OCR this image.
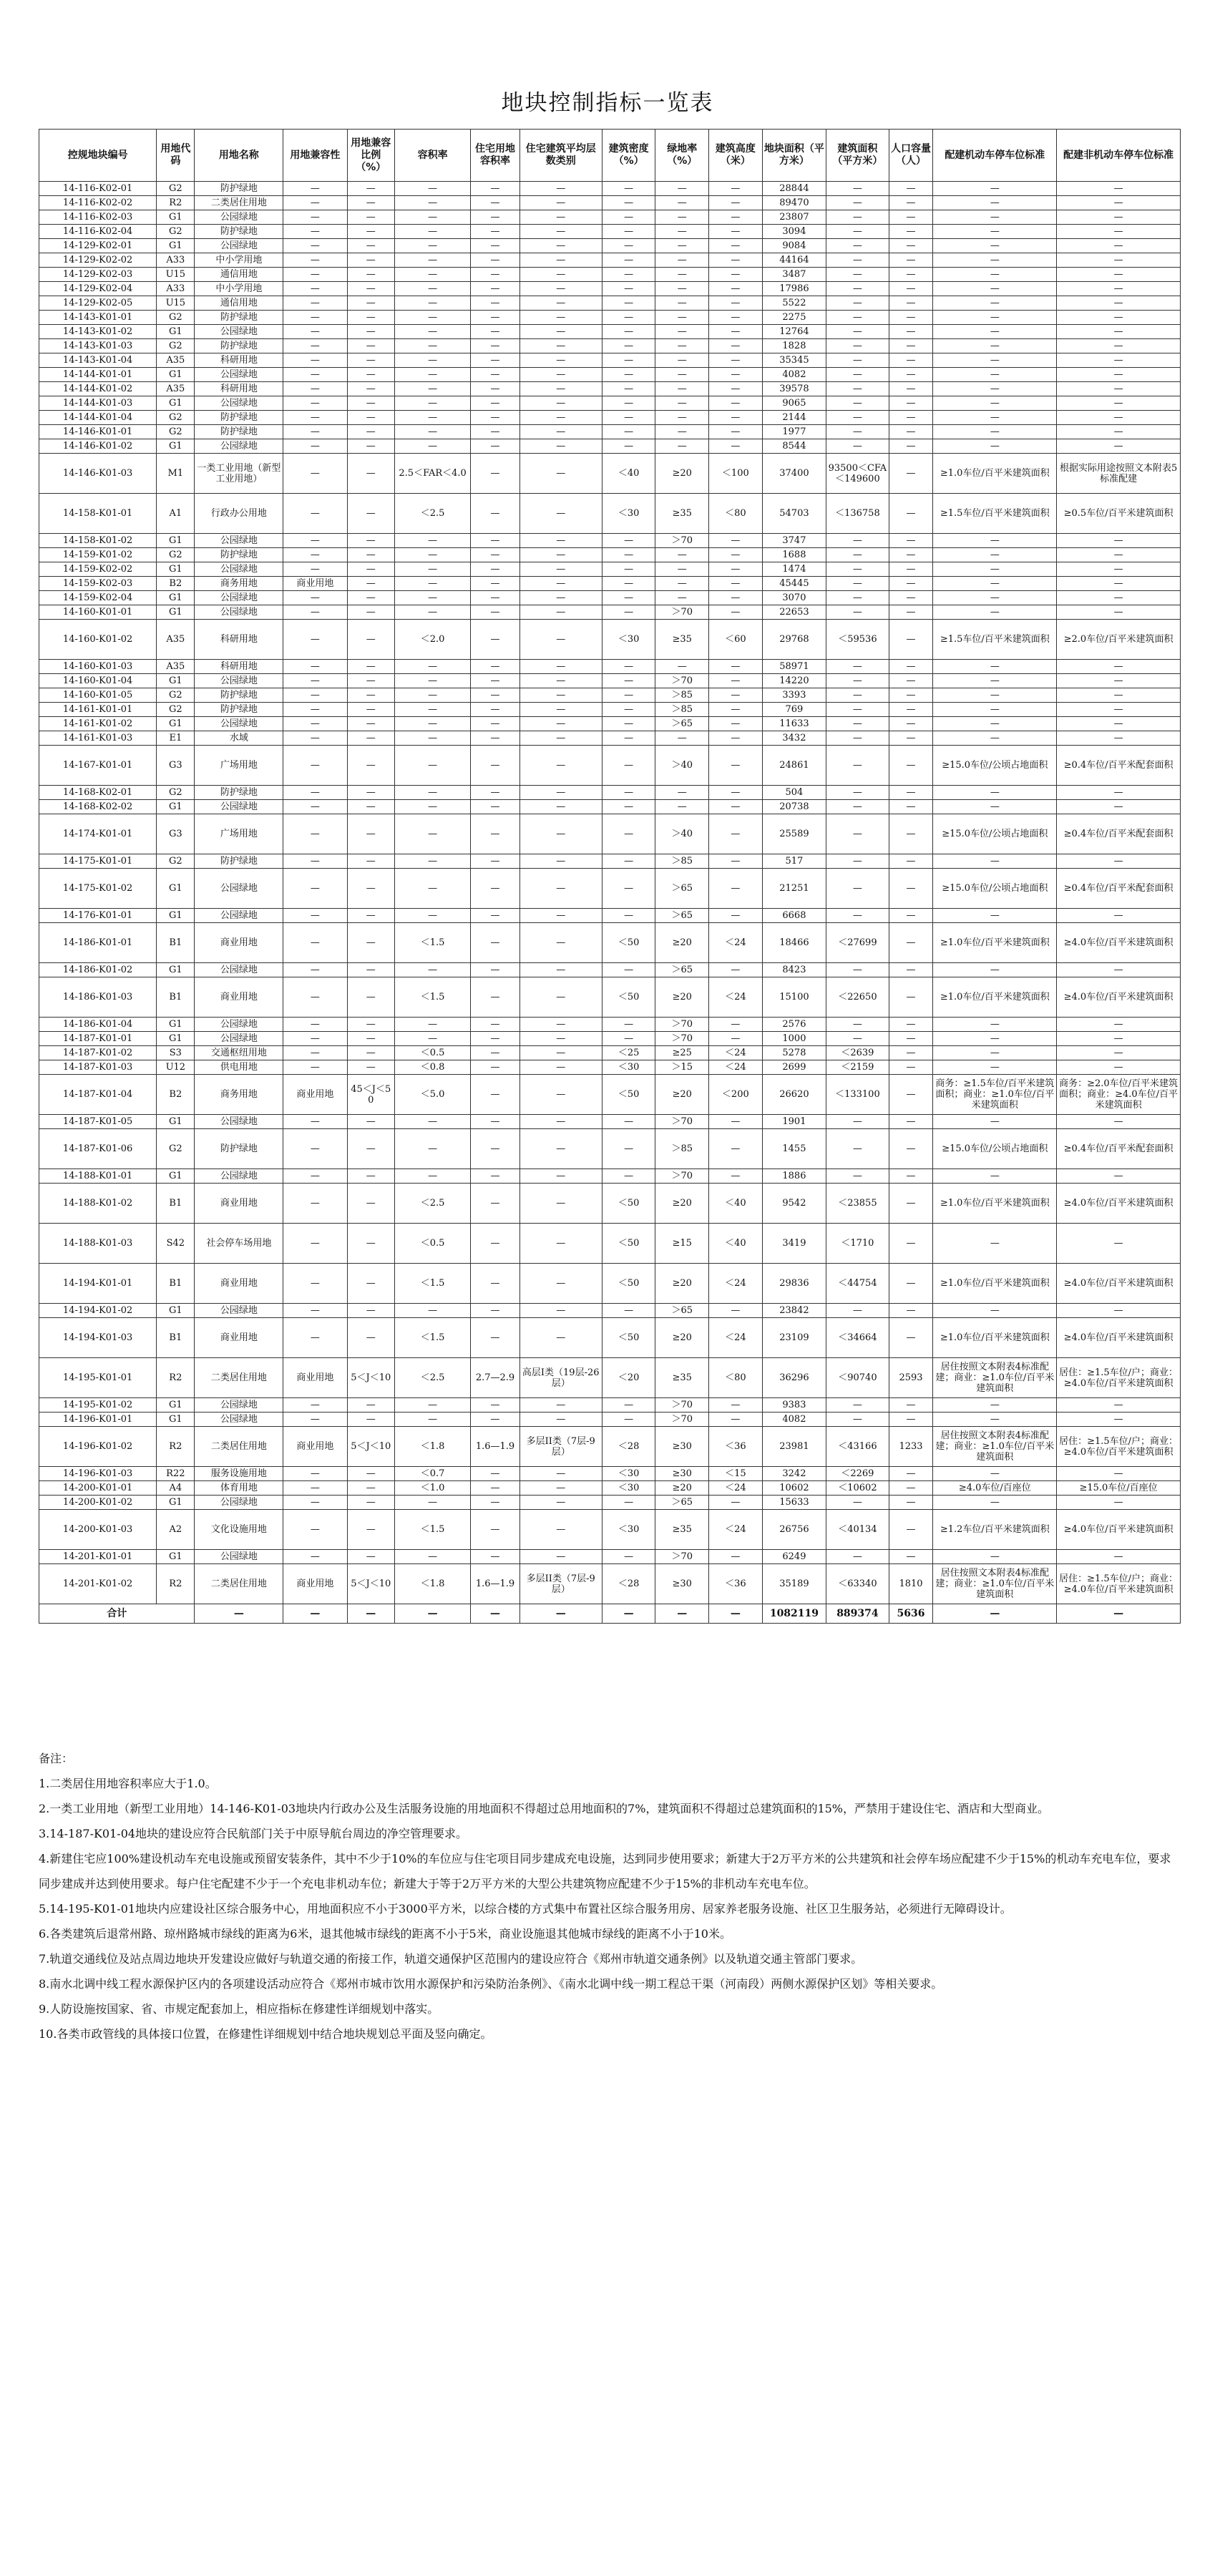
地块控制指标一览表
控规地块编号	用地代码	用地名称	用地兼容性	用地兼容比例（%）	容积率	住宅用地容积率	住宅建筑平均层数类别	建筑密度（%）	绿地率（%）	建筑高度（米）	地块面积（平方米）	建筑面积（平方米）	人口容量（人）	配建机动车停车位标准	配建非机动车停车位标准
14-116-K02-01	G2	防护绿地	—	—	—	—	—	—	—	—	28844	—	—	—	—
14-116-K02-02	R2	二类居住用地	—	—	—	—	—	—	—	—	89470	—	—	—	—
14-116-K02-03	G1	公园绿地	—	—	—	—	—	—	—	—	23807	—	—	—	—
14-116-K02-04	G2	防护绿地	—	—	—	—	—	—	—	—	3094	—	—	—	—
14-129-K02-01	G1	公园绿地	—	—	—	—	—	—	—	—	9084	—	—	—	—
14-129-K02-02	A33	中小学用地	—	—	—	—	—	—	—	—	44164	—	—	—	—
14-129-K02-03	U15	通信用地	—	—	—	—	—	—	—	—	3487	—	—	—	—
14-129-K02-04	A33	中小学用地	—	—	—	—	—	—	—	—	17986	—	—	—	—
14-129-K02-05	U15	通信用地	—	—	—	—	—	—	—	—	5522	—	—	—	—
14-143-K01-01	G2	防护绿地	—	—	—	—	—	—	—	—	2275	—	—	—	—
14-143-K01-02	G1	公园绿地	—	—	—	—	—	—	—	—	12764	—	—	—	—
14-143-K01-03	G2	防护绿地	—	—	—	—	—	—	—	—	1828	—	—	—	—
14-143-K01-04	A35	科研用地	—	—	—	—	—	—	—	—	35345	—	—	—	—
14-144-K01-01	G1	公园绿地	—	—	—	—	—	—	—	—	4082	—	—	—	—
14-144-K01-02	A35	科研用地	—	—	—	—	—	—	—	—	39578	—	—	—	—
14-144-K01-03	G1	公园绿地	—	—	—	—	—	—	—	—	9065	—	—	—	—
14-144-K01-04	G2	防护绿地	—	—	—	—	—	—	—	—	2144	—	—	—	—
14-146-K01-01	G2	防护绿地	—	—	—	—	—	—	—	—	1977	—	—	—	—
14-146-K01-02	G1	公园绿地	—	—	—	—	—	—	—	—	8544	—	—	—	—
14-146-K01-03	M1	一类工业用地（新型工业用地）	—	—	2.5＜FAR＜4.0	—	—	＜40	≥20	＜100	37400	93500＜CFA＜149600	—	≥1.0车位/百平米建筑面积	根据实际用途按照文本附表5标准配建
14-158-K01-01	A1	行政办公用地	—	—	＜2.5	—	—	＜30	≥35	＜80	54703	＜136758	—	≥1.5车位/百平米建筑面积	≥0.5车位/百平米建筑面积
14-158-K01-02	G1	公园绿地	—	—	—	—	—	—	＞70	—	3747	—	—	—	—
14-159-K01-02	G2	防护绿地	—	—	—	—	—	—	—	—	1688	—	—	—	—
14-159-K02-02	G1	公园绿地	—	—	—	—	—	—	—	—	1474	—	—	—	—
14-159-K02-03	B2	商务用地	商业用地	—	—	—	—	—	—	—	45445	—	—	—	—
14-159-K02-04	G1	公园绿地	—	—	—	—	—	—	—	—	3070	—	—	—	—
14-160-K01-01	G1	公园绿地	—	—	—	—	—	—	＞70	—	22653	—	—	—	—
14-160-K01-02	A35	科研用地	—	—	＜2.0	—	—	＜30	≥35	＜60	29768	＜59536	—	≥1.5车位/百平米建筑面积	≥2.0车位/百平米建筑面积
14-160-K01-03	A35	科研用地	—	—	—	—	—	—	—	—	58971	—	—	—	—
14-160-K01-04	G1	公园绿地	—	—	—	—	—	—	＞70	—	14220	—	—	—	—
14-160-K01-05	G2	防护绿地	—	—	—	—	—	—	＞85	—	3393	—	—	—	—
14-161-K01-01	G2	防护绿地	—	—	—	—	—	—	＞85	—	769	—	—	—	—
14-161-K01-02	G1	公园绿地	—	—	—	—	—	—	＞65	—	11633	—	—	—	—
14-161-K01-03	E1	水域	—	—	—	—	—	—	—	—	3432	—	—	—	—
14-167-K01-01	G3	广场用地	—	—	—	—	—	—	＞40	—	24861	—	—	≥15.0车位/公顷占地面积	≥0.4车位/百平米配套面积
14-168-K02-01	G2	防护绿地	—	—	—	—	—	—	—	—	504	—	—	—	—
14-168-K02-02	G1	公园绿地	—	—	—	—	—	—	—	—	20738	—	—	—	—
14-174-K01-01	G3	广场用地	—	—	—	—	—	—	＞40	—	25589	—	—	≥15.0车位/公顷占地面积	≥0.4车位/百平米配套面积
14-175-K01-01	G2	防护绿地	—	—	—	—	—	—	＞85	—	517	—	—	—	—
14-175-K01-02	G1	公园绿地	—	—	—	—	—	—	＞65	—	21251	—	—	≥15.0车位/公顷占地面积	≥0.4车位/百平米配套面积
14-176-K01-01	G1	公园绿地	—	—	—	—	—	—	＞65	—	6668	—	—	—	—
14-186-K01-01	B1	商业用地	—	—	＜1.5	—	—	＜50	≥20	＜24	18466	＜27699	—	≥1.0车位/百平米建筑面积	≥4.0车位/百平米建筑面积
14-186-K01-02	G1	公园绿地	—	—	—	—	—	—	＞65	—	8423	—	—	—	—
14-186-K01-03	B1	商业用地	—	—	＜1.5	—	—	＜50	≥20	＜24	15100	＜22650	—	≥1.0车位/百平米建筑面积	≥4.0车位/百平米建筑面积
14-186-K01-04	G1	公园绿地	—	—	—	—	—	—	＞70	—	2576	—	—	—	—
14-187-K01-01	G1	公园绿地	—	—	—	—	—	—	＞70	—	1000	—	—	—	—
14-187-K01-02	S3	交通枢纽用地	—	—	＜0.5	—	—	＜25	≥25	＜24	5278	＜2639	—	—	—
14-187-K01-03	U12	供电用地	—	—	＜0.8	—	—	＜30	＞15	＜24	2699	＜2159	—	—	—
14-187-K01-04	B2	商务用地	商业用地	45＜J＜50	＜5.0	—	—	＜50	≥20	＜200	26620	＜133100	—	商务：≥1.5车位/百平米建筑面积；商业：≥1.0车位/百平米建筑面积	商务：≥2.0车位/百平米建筑面积；商业：≥4.0车位/百平米建筑面积
14-187-K01-05	G1	公园绿地	—	—	—	—	—	—	＞70	—	1901	—	—	—	—
14-187-K01-06	G2	防护绿地	—	—	—	—	—	—	＞85	—	1455	—	—	≥15.0车位/公顷占地面积	≥0.4车位/百平米配套面积
14-188-K01-01	G1	公园绿地	—	—	—	—	—	—	＞70	—	1886	—	—	—	—
14-188-K01-02	B1	商业用地	—	—	＜2.5	—	—	＜50	≥20	＜40	9542	＜23855	—	≥1.0车位/百平米建筑面积	≥4.0车位/百平米建筑面积
14-188-K01-03	S42	社会停车场用地	—	—	＜0.5	—	—	＜50	≥15	＜40	3419	＜1710	—	—	—
14-194-K01-01	B1	商业用地	—	—	＜1.5	—	—	＜50	≥20	＜24	29836	＜44754	—	≥1.0车位/百平米建筑面积	≥4.0车位/百平米建筑面积
14-194-K01-02	G1	公园绿地	—	—	—	—	—	—	＞65	—	23842	—	—	—	—
14-194-K01-03	B1	商业用地	—	—	＜1.5	—	—	＜50	≥20	＜24	23109	＜34664	—	≥1.0车位/百平米建筑面积	≥4.0车位/百平米建筑面积
14-195-K01-01	R2	二类居住用地	商业用地	5＜J＜10	＜2.5	2.7—2.9	高层I类（19层-26层）	＜20	≥35	＜80	36296	＜90740	2593	居住按照文本附表4标准配建；商业：≥1.0车位/百平米建筑面积	居住：≥1.5车位/户；商业：≥4.0车位/百平米建筑面积
14-195-K01-02	G1	公园绿地	—	—	—	—	—	—	＞70	—	9383	—	—	—	—
14-196-K01-01	G1	公园绿地	—	—	—	—	—	—	＞70	—	4082	—	—	—	—
14-196-K01-02	R2	二类居住用地	商业用地	5＜J＜10	＜1.8	1.6—1.9	多层II类（7层-9层）	＜28	≥30	＜36	23981	＜43166	1233	居住按照文本附表4标准配建；商业：≥1.0车位/百平米建筑面积	居住：≥1.5车位/户；商业：≥4.0车位/百平米建筑面积
14-196-K01-03	R22	服务设施用地	—	—	＜0.7	—	—	＜30	≥30	＜15	3242	＜2269	—	—	—
14-200-K01-01	A4	体育用地	—	—	＜1.0	—	—	＜30	≥20	＜24	10602	＜10602	—	≥4.0车位/百座位	≥15.0车位/百座位
14-200-K01-02	G1	公园绿地	—	—	—	—	—	—	＞65	—	15633	—	—	—	—
14-200-K01-03	A2	文化设施用地	—	—	＜1.5	—	—	＜30	≥35	＜24	26756	＜40134	—	≥1.2车位/百平米建筑面积	≥4.0车位/百平米建筑面积
14-201-K01-01	G1	公园绿地	—	—	—	—	—	—	＞70	—	6249	—	—	—	—
14-201-K01-02	R2	二类居住用地	商业用地	5＜J＜10	＜1.8	1.6—1.9	多层II类（7层-9层）	＜28	≥30	＜36	35189	＜63340	1810	居住按照文本附表4标准配建；商业：≥1.0车位/百平米建筑面积	居住：≥1.5车位/户；商业：≥4.0车位/百平米建筑面积
合计		—	—	—	—	—	—	—	—	—	1082119	889374	5636	—	—

备注：

1.二类居住用地容积率应大于1.0。

2.一类工业用地（新型工业用地）14-146-K01-03地块内行政办公及生活服务设施的用地面积不得超过总用地面积的7%，建筑面积不得超过总建筑面积的15%，严禁用于建设住宅、酒店和大型商业。

3.14-187-K01-04地块的建设应符合民航部门关于中原导航台周边的净空管理要求。

4.新建住宅应100%建设机动车充电设施或预留安装条件，其中不少于10%的车位应与住宅项目同步建成充电设施，达到同步使用要求；新建大于2万平方米的公共建筑和社会停车场应配建不少于15%的机动车充电车位，要求同步建成并达到使用要求。每户住宅配建不少于一个充电非机动车位；新建大于等于2万平方米的大型公共建筑物应配建不少于15%的非机动车充电车位。

5.14-195-K01-01地块内应建设社区综合服务中心，用地面积应不小于3000平方米，以综合楼的方式集中布置社区综合服务用房、居家养老服务设施、社区卫生服务站，必须进行无障碍设计。

6.各类建筑后退常州路、琼州路城市绿线的距离为6米，退其他城市绿线的距离不小于5米，商业设施退其他城市绿线的距离不小于10米。

7.轨道交通线位及站点周边地块开发建设应做好与轨道交通的衔接工作，轨道交通保护区范围内的建设应符合《郑州市轨道交通条例》以及轨道交通主管部门要求。

8.南水北调中线工程水源保护区内的各项建设活动应符合《郑州市城市饮用水源保护和污染防治条例》、《南水北调中线一期工程总干渠（河南段）两侧水源保护区划》等相关要求。

9.人防设施按国家、省、市规定配套加上，相应指标在修建性详细规划中落实。

10.各类市政管线的具体接口位置，在修建性详细规划中结合地块规划总平面及竖向确定。
